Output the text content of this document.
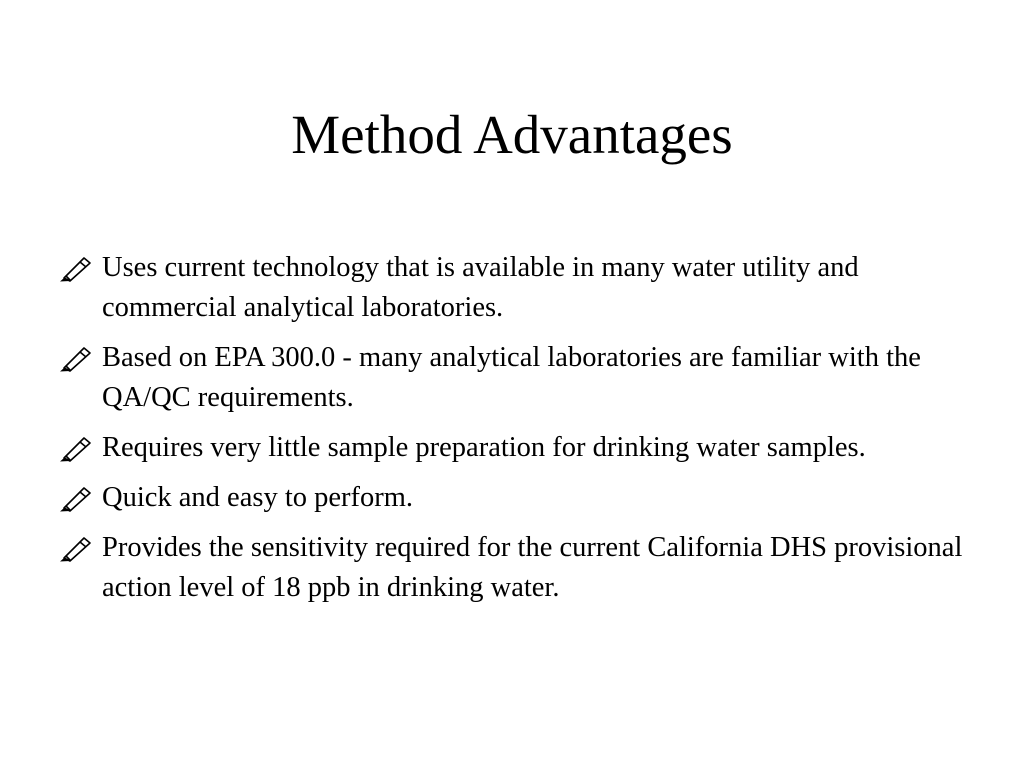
Method Advantages
Uses current technology that is available in many water utility and commercial analytical laboratories.
Based on EPA 300.0 - many analytical laboratories are familiar with the QA/QC requirements.
Requires very little sample preparation for drinking water samples.
Quick and easy to perform.
Provides the sensitivity required for the current California DHS provisional action level of 18 ppb in drinking water.
